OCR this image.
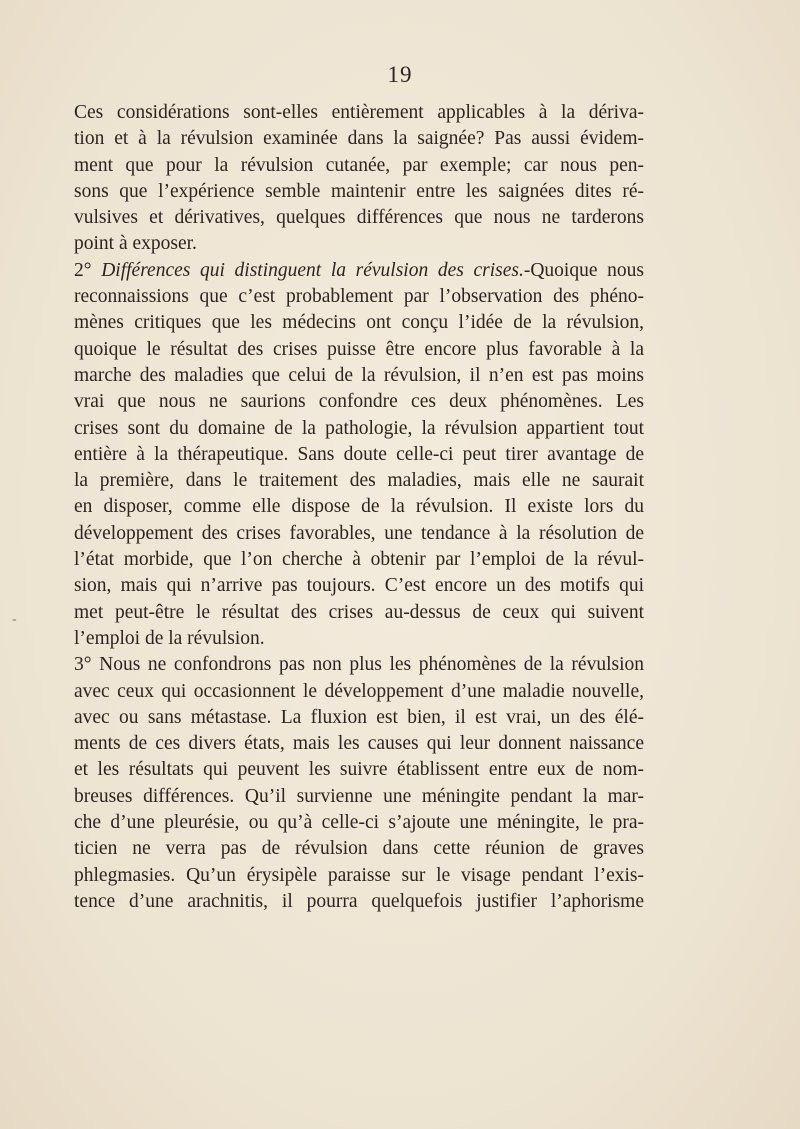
19
-
Ces considérations sont-elles entièrement applicables à la dériva-
tion et à la révulsion examinée dans la saignée? Pas aussi évidem-
ment que pour la révulsion cutanée, par exemple; car nous pen-
sons que l’expérience semble maintenir entre les saignées dites ré-
vulsives et dérivatives, quelques différences que nous ne tarderons
point à exposer.
2° Différences qui distinguent la révulsion des crises.-Quoique nous
reconnaissions que c’est probablement par l’observation des phéno-
mènes critiques que les médecins ont conçu l’idée de la révulsion,
quoique le résultat des crises puisse être encore plus favorable à la
marche des maladies que celui de la révulsion, il n’en est pas moins
vrai que nous ne saurions confondre ces deux phénomènes. Les
crises sont du domaine de la pathologie, la révulsion appartient tout
entière à la thérapeutique. Sans doute celle-ci peut tirer avantage de
la première, dans le traitement des maladies, mais elle ne saurait
en disposer, comme elle dispose de la révulsion. Il existe lors du
développement des crises favorables, une tendance à la résolution de
l’état morbide, que l’on cherche à obtenir par l’emploi de la révul-
sion, mais qui n’arrive pas toujours. C’est encore un des motifs qui
met peut-être le résultat des crises au-dessus de ceux qui suivent
l’emploi de la révulsion.
3° Nous ne confondrons pas non plus les phénomènes de la révulsion
avec ceux qui occasionnent le développement d’une maladie nouvelle,
avec ou sans métastase. La fluxion est bien, il est vrai, un des élé-
ments de ces divers états, mais les causes qui leur donnent naissance
et les résultats qui peuvent les suivre établissent entre eux de nom-
breuses différences. Qu’il survienne une méningite pendant la mar-
che d’une pleurésie, ou qu’à celle-ci s’ajoute une méningite, le pra-
ticien ne verra pas de révulsion dans cette réunion de graves
phlegmasies. Qu’un érysipèle paraisse sur le visage pendant l’exis-
tence d’une arachnitis, il pourra quelquefois justifier l’aphorisme
